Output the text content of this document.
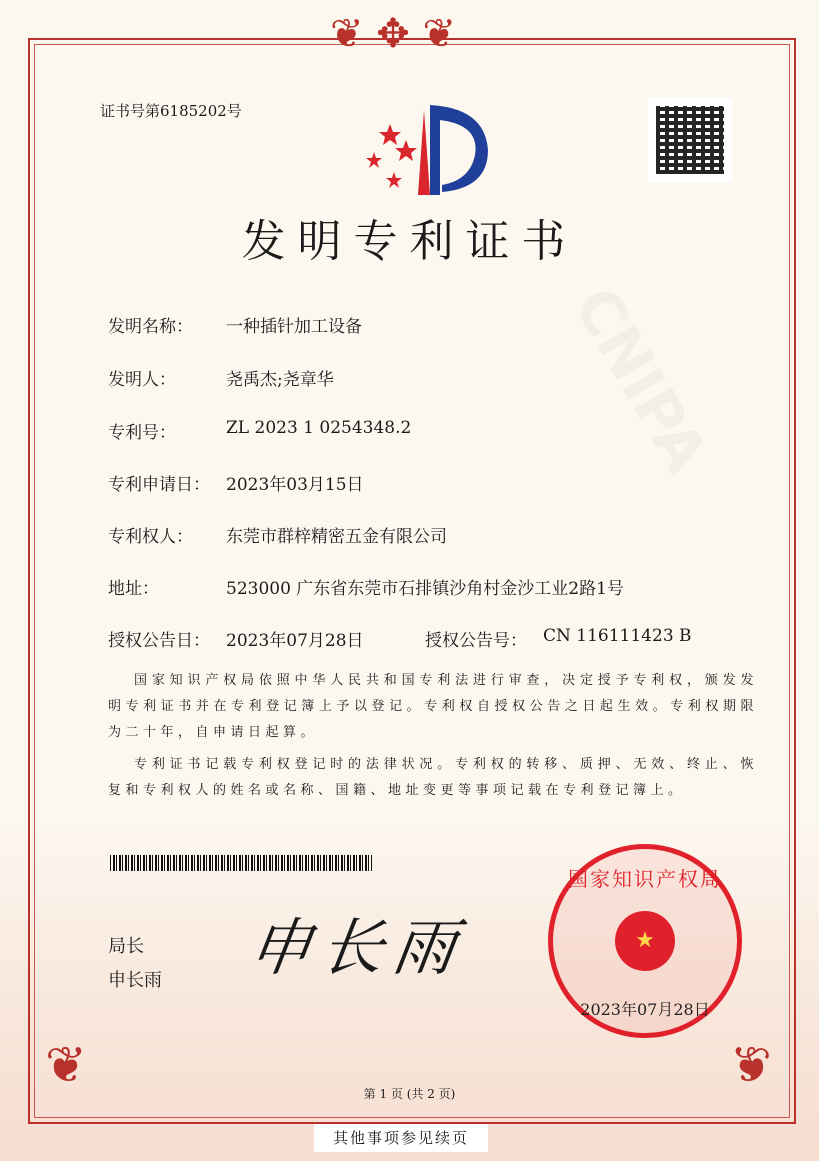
❦ ✥ ❦
❦	❦
证书号第6185202号
发明专利证书
发明名称：	一种插针加工设备
发明人：	尧禹杰;尧章华
专利号：	ZL 2023 1 0254348.2
专利申请日： 2023年03月15日
专利权人：	东莞市群梓精密五金有限公司
地址：	523000 广东省东莞市石排镇沙角村金沙工业2路1号
授权公告日： 2023年07月28日	授权公告号： CN 116111423 B
国家知识产权局依照中华人民共和国专利法进行审查，决定授予专利权，颁发发明专利证书并在专利登记簿上予以登记。专利权自授权公告之日起生效。专利权期限为二十年，自申请日起算。
专利证书记载专利权登记时的法律状况。专利权的转移、质押、无效、终止、恢复和专利权人的姓名或名称、国籍、地址变更等事项记载在专利登记簿上。
局长
申长雨 申长雨	★
国家知识产权局
2023年07月28日
第 1 页 (共 2 页)
其他事项参见续页
